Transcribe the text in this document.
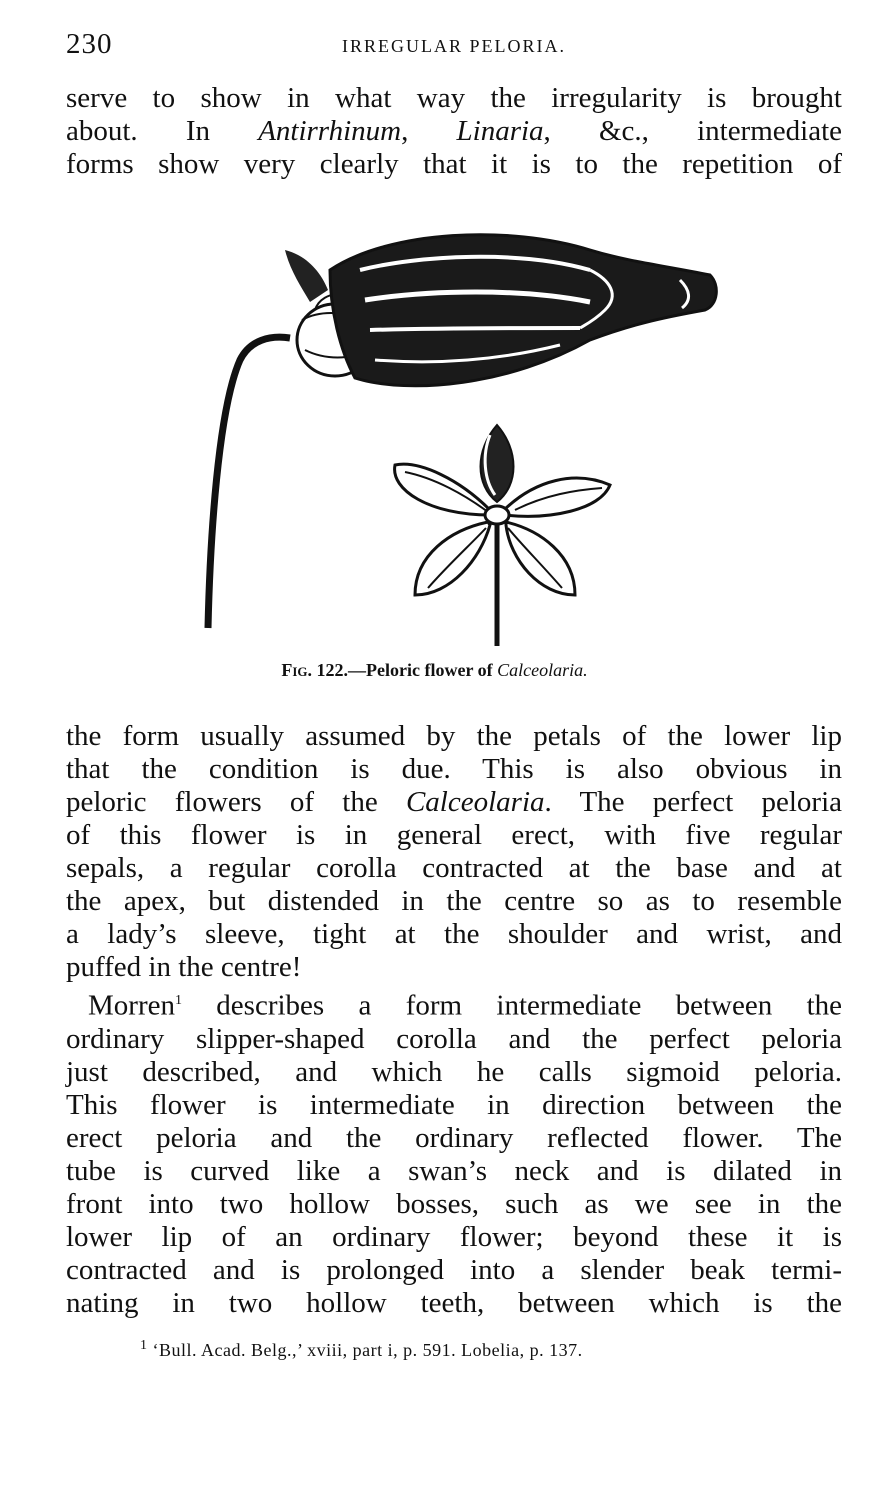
230	IRREGULAR PELORIA.

serve to show in what way the irregularity is brought
about. In Antirrhinum, Linaria, &c., intermediate
forms show very clearly that it is to the repetition of

Fig. 122.—Peloric flower of Calceolaria.

the form usually assumed by the petals of the lower lip
that the condition is due. This is also obvious in
peloric flowers of the Calceolaria. The perfect peloria
of this flower is in general erect, with five regular
sepals, a regular corolla contracted at the base and at
the apex, but distended in the centre so as to resemble
a lady’s sleeve, tight at the shoulder and wrist, and
puffed in the centre!

Morren$^1$ describes a form intermediate between the
ordinary slipper-shaped corolla and the perfect peloria
just described, and which he calls sigmoid peloria.
This flower is intermediate in direction between the
erect peloria and the ordinary reflected flower. The
tube is curved like a swan’s neck and is dilated in
front into two hollow bosses, such as we see in the
lower lip of an ordinary flower; beyond these it is
contracted and is prolonged into a slender beak termi-
nating in two hollow teeth, between which is the

$^1$ ‘Bull. Acad. Belg.,’ xviii, part i, p. 591. Lobelia, p. 137.
